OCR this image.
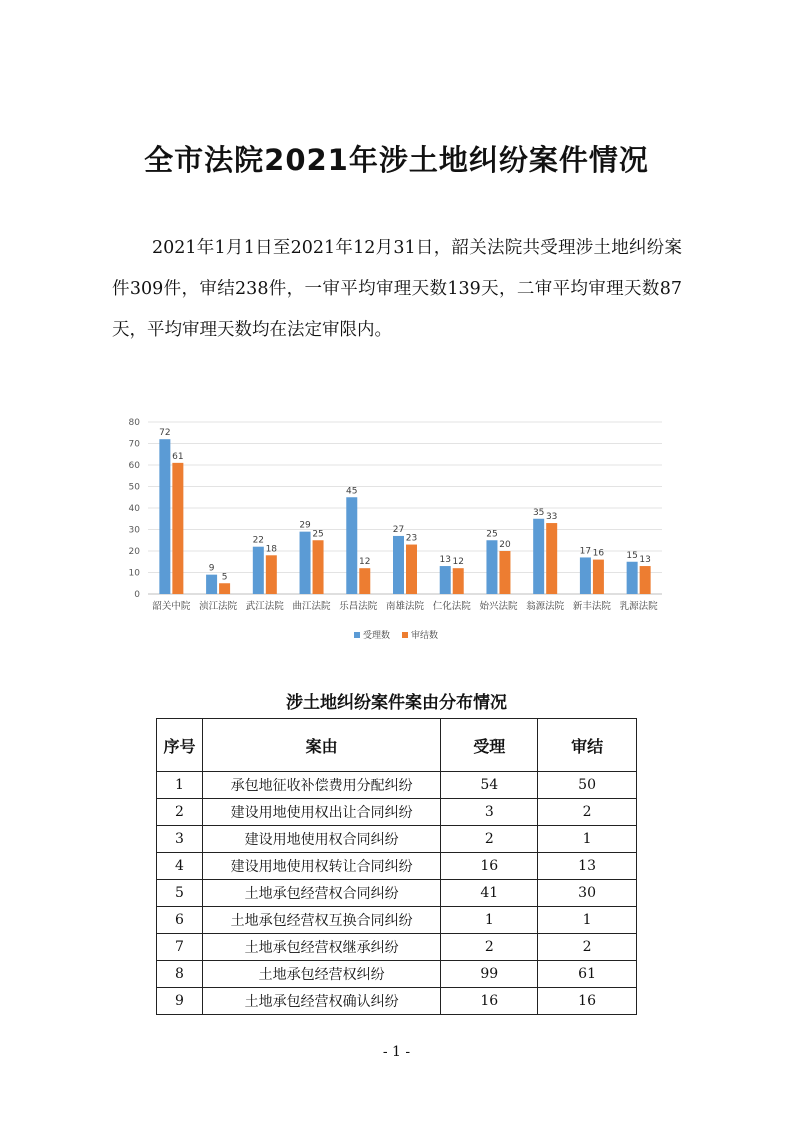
全市法院2021年涉土地纠纷案件情况

2021年1月1日至2021年12月31日，韶关法院共受理涉土地纠纷案件309件，审结238件，一审平均审理天数139天，二审平均审理天数87天，平均审理天数均在法定审限内。

0
10
20
30
40
50
60
70
80
72
61
韶关中院
9
5
浈江法院
22
18
武江法院
29
25
曲江法院
45
12
乐昌法院
27
23
南雄法院
13 12
仁化法院
25
20
始兴法院
35 33
翁源法院
17 16
新丰法院
15 13
乳源法院
受理数 审结数

涉土地纠纷案件案由分布情况

序号	案由	受理	审结
1	承包地征收补偿费用分配纠纷	54	50
2	建设用地使用权出让合同纠纷	3	2
3	建设用地使用权合同纠纷	2	1
4	建设用地使用权转让合同纠纷	16	13
5	土地承包经营权合同纠纷	41	30
6	土地承包经营权互换合同纠纷	1	1
7	土地承包经营权继承纠纷	2	2
8	土地承包经营权纠纷	99	61
9	土地承包经营权确认纠纷	16	16
- 1 -
